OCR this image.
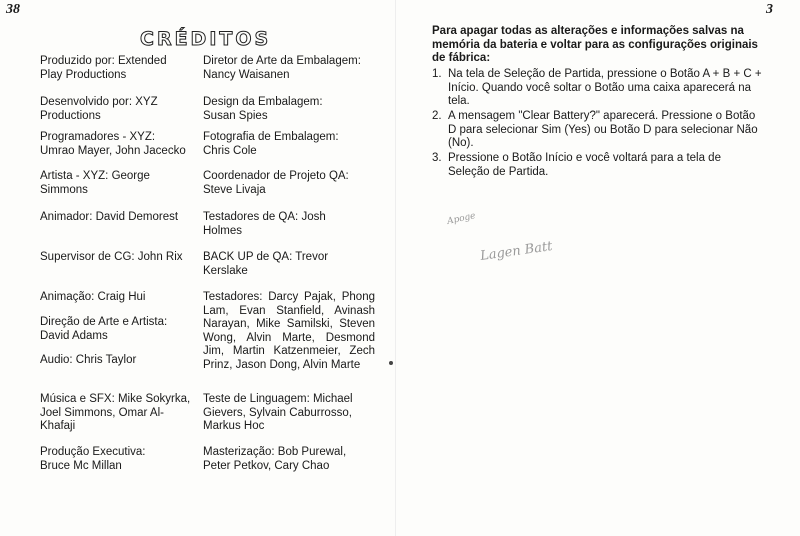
38	3
CRÉDITOS
Produzido por: Extended Play Productions
Desenvolvido por: XYZ Productions
Programadores - XYZ: Umrao Mayer, John Jacecko
Artista - XYZ: George Simmons
Animador: David Demorest
Supervisor de CG: John Rix
Animação: Craig Hui
Direção de Arte e Artista: David Adams
Audio: Chris Taylor
Música e SFX: Mike Sokyrka, Joel Simmons, Omar Al-Khafaji
Produção Executiva: Bruce Mc Millan
Diretor de Arte da Embalagem: Nancy Waisanen
Design da Embalagem: Susan Spies
Fotografia de Embalagem: Chris Cole
Coordenador de Projeto QA: Steve Livaja
Testadores de QA: Josh Holmes
BACK UP de QA: Trevor Kerslake
Testadores: Darcy Pajak, Phong Lam, Evan Stanfield, Avinash Narayan, Mike Samilski, Steven Wong, Alvin Marte, Desmond Jim, Martin Katzenmeier, Zech Prinz, Jason Dong, Alvin Marte
Teste de Linguagem: Michael Gievers, Sylvain Caburrosso, Markus Hoc
Masterização: Bob Purewal, Peter Petkov, Cary Chao
Para apagar todas as alterações e informações salvas na memória da bateria e voltar para as configurações originais de fábrica:
1. Na tela de Seleção de Partida, pressione o Botão A + B + C + Início. Quando você soltar o Botão uma caixa aparecerá na tela.
2. A mensagem "Clear Battery?" aparecerá. Pressione o Botão D para selecionar Sim (Yes) ou Botão D para selecionar Não (No).
3. Pressione o Botão Início e você voltará para a tela de Seleção de Partida.
Apoge
Lagen Batt
